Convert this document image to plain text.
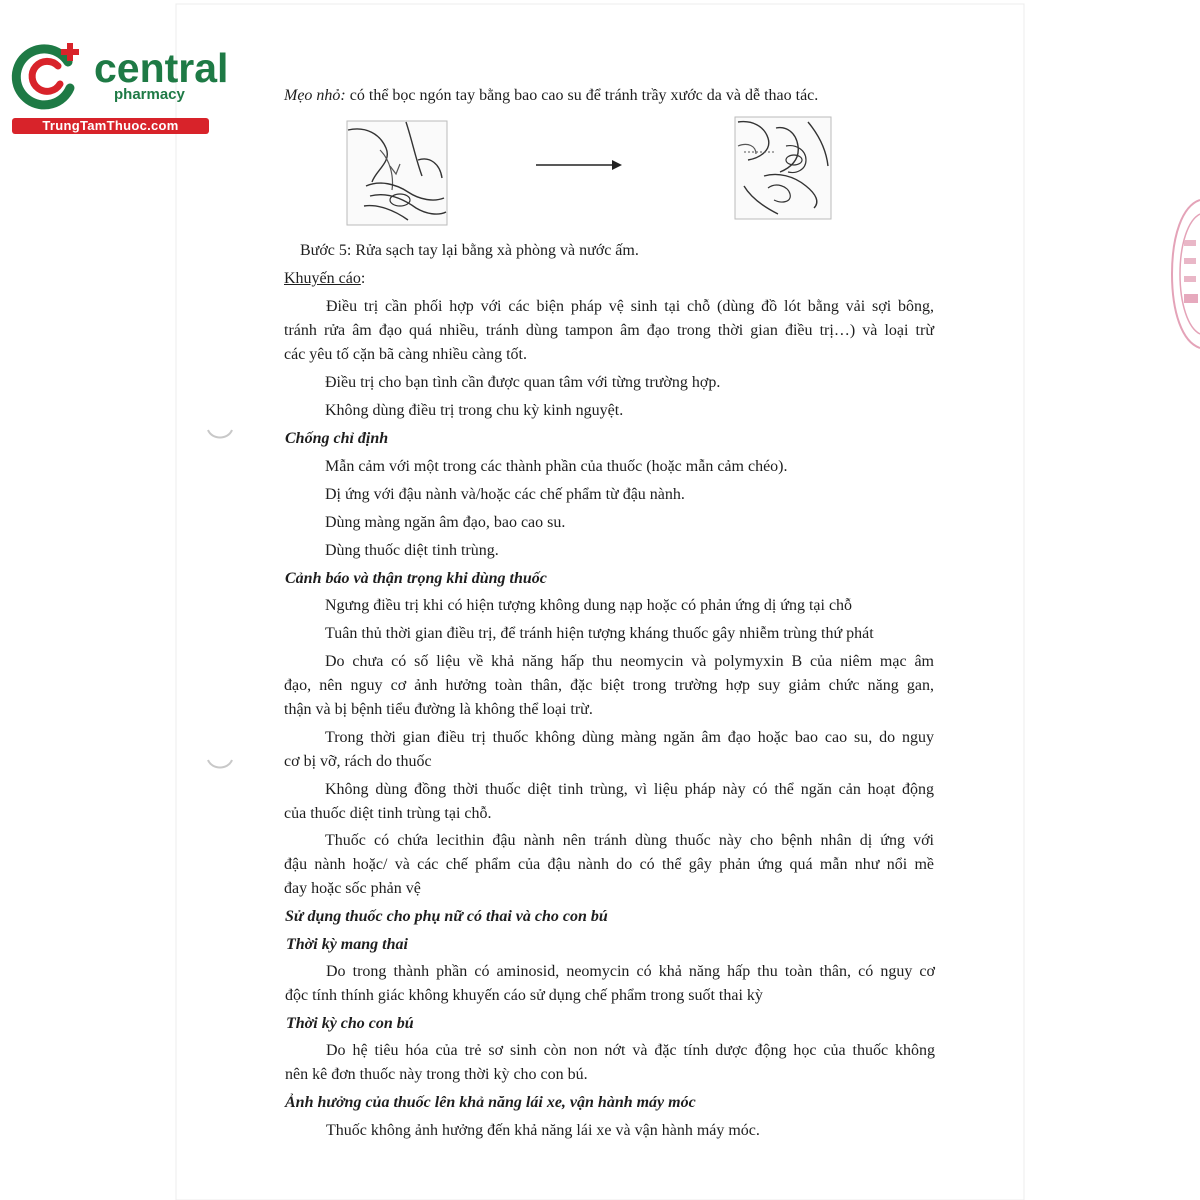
central
pharmacy
TrungTamThuoc.com
Mẹo nhỏ: có thể bọc ngón tay bằng bao cao su để tránh trầy xước da và dễ thao tác.
Bước 5: Rửa sạch tay lại bằng xà phòng và nước ấm.
Khuyến cáo:
Điều trị cần phối hợp với các biện pháp vệ sinh tại chỗ (dùng đồ lót bằng vải sợi bông,
tránh rửa âm đạo quá nhiều, tránh dùng tampon âm đạo trong thời gian điều trị…) và loại trừ
các yêu tố cặn bã càng nhiều càng tốt.
Điều trị cho bạn tình cần được quan tâm với từng trường hợp.
Không dùng điều trị trong chu kỳ kinh nguyệt.
Chống chỉ định
Mẫn cảm với một trong các thành phần của thuốc (hoặc mẫn cảm chéo).
Dị ứng với đậu nành và/hoặc các chế phẩm từ đậu nành.
Dùng màng ngăn âm đạo, bao cao su.
Dùng thuốc diệt tinh trùng.
Cảnh báo và thận trọng khi dùng thuốc
Ngưng điều trị khi có hiện tượng không dung nạp hoặc có phản ứng dị ứng tại chỗ
Tuân thủ thời gian điều trị, để tránh hiện tượng kháng thuốc gây nhiễm trùng thứ phát
Do chưa có số liệu về khả năng hấp thu neomycin và polymyxin B của niêm mạc âm
đạo, nên nguy cơ ảnh hưởng toàn thân, đặc biệt trong trường hợp suy giảm chức năng gan,
thận và bị bệnh tiểu đường là không thể loại trừ.
Trong thời gian điều trị thuốc không dùng màng ngăn âm đạo hoặc bao cao su, do nguy
cơ bị vỡ, rách do thuốc
Không dùng đồng thời thuốc diệt tinh trùng, vì liệu pháp này có thể ngăn cản hoạt động
của thuốc diệt tinh trùng tại chỗ.
Thuốc có chứa lecithin đậu nành nên tránh dùng thuốc này cho bệnh nhân dị ứng với
đậu nành hoặc/ và các chế phẩm của đậu nành do có thể gây phản ứng quá mẫn như nổi mề
đay hoặc sốc phản vệ
Sử dụng thuốc cho phụ nữ có thai và cho con bú
Thời kỳ mang thai
Do trong thành phần có aminosid, neomycin có khả năng hấp thu toàn thân, có nguy cơ
độc tính thính giác không khuyến cáo sử dụng chế phẩm trong suốt thai kỳ
Thời kỳ cho con bú
Do hệ tiêu hóa của trẻ sơ sinh còn non nớt và đặc tính dược động học của thuốc không
nên kê đơn thuốc này trong thời kỳ cho con bú.
Ảnh hưởng của thuốc lên khả năng lái xe, vận hành máy móc
Thuốc không ảnh hưởng đến khả năng lái xe và vận hành máy móc.
